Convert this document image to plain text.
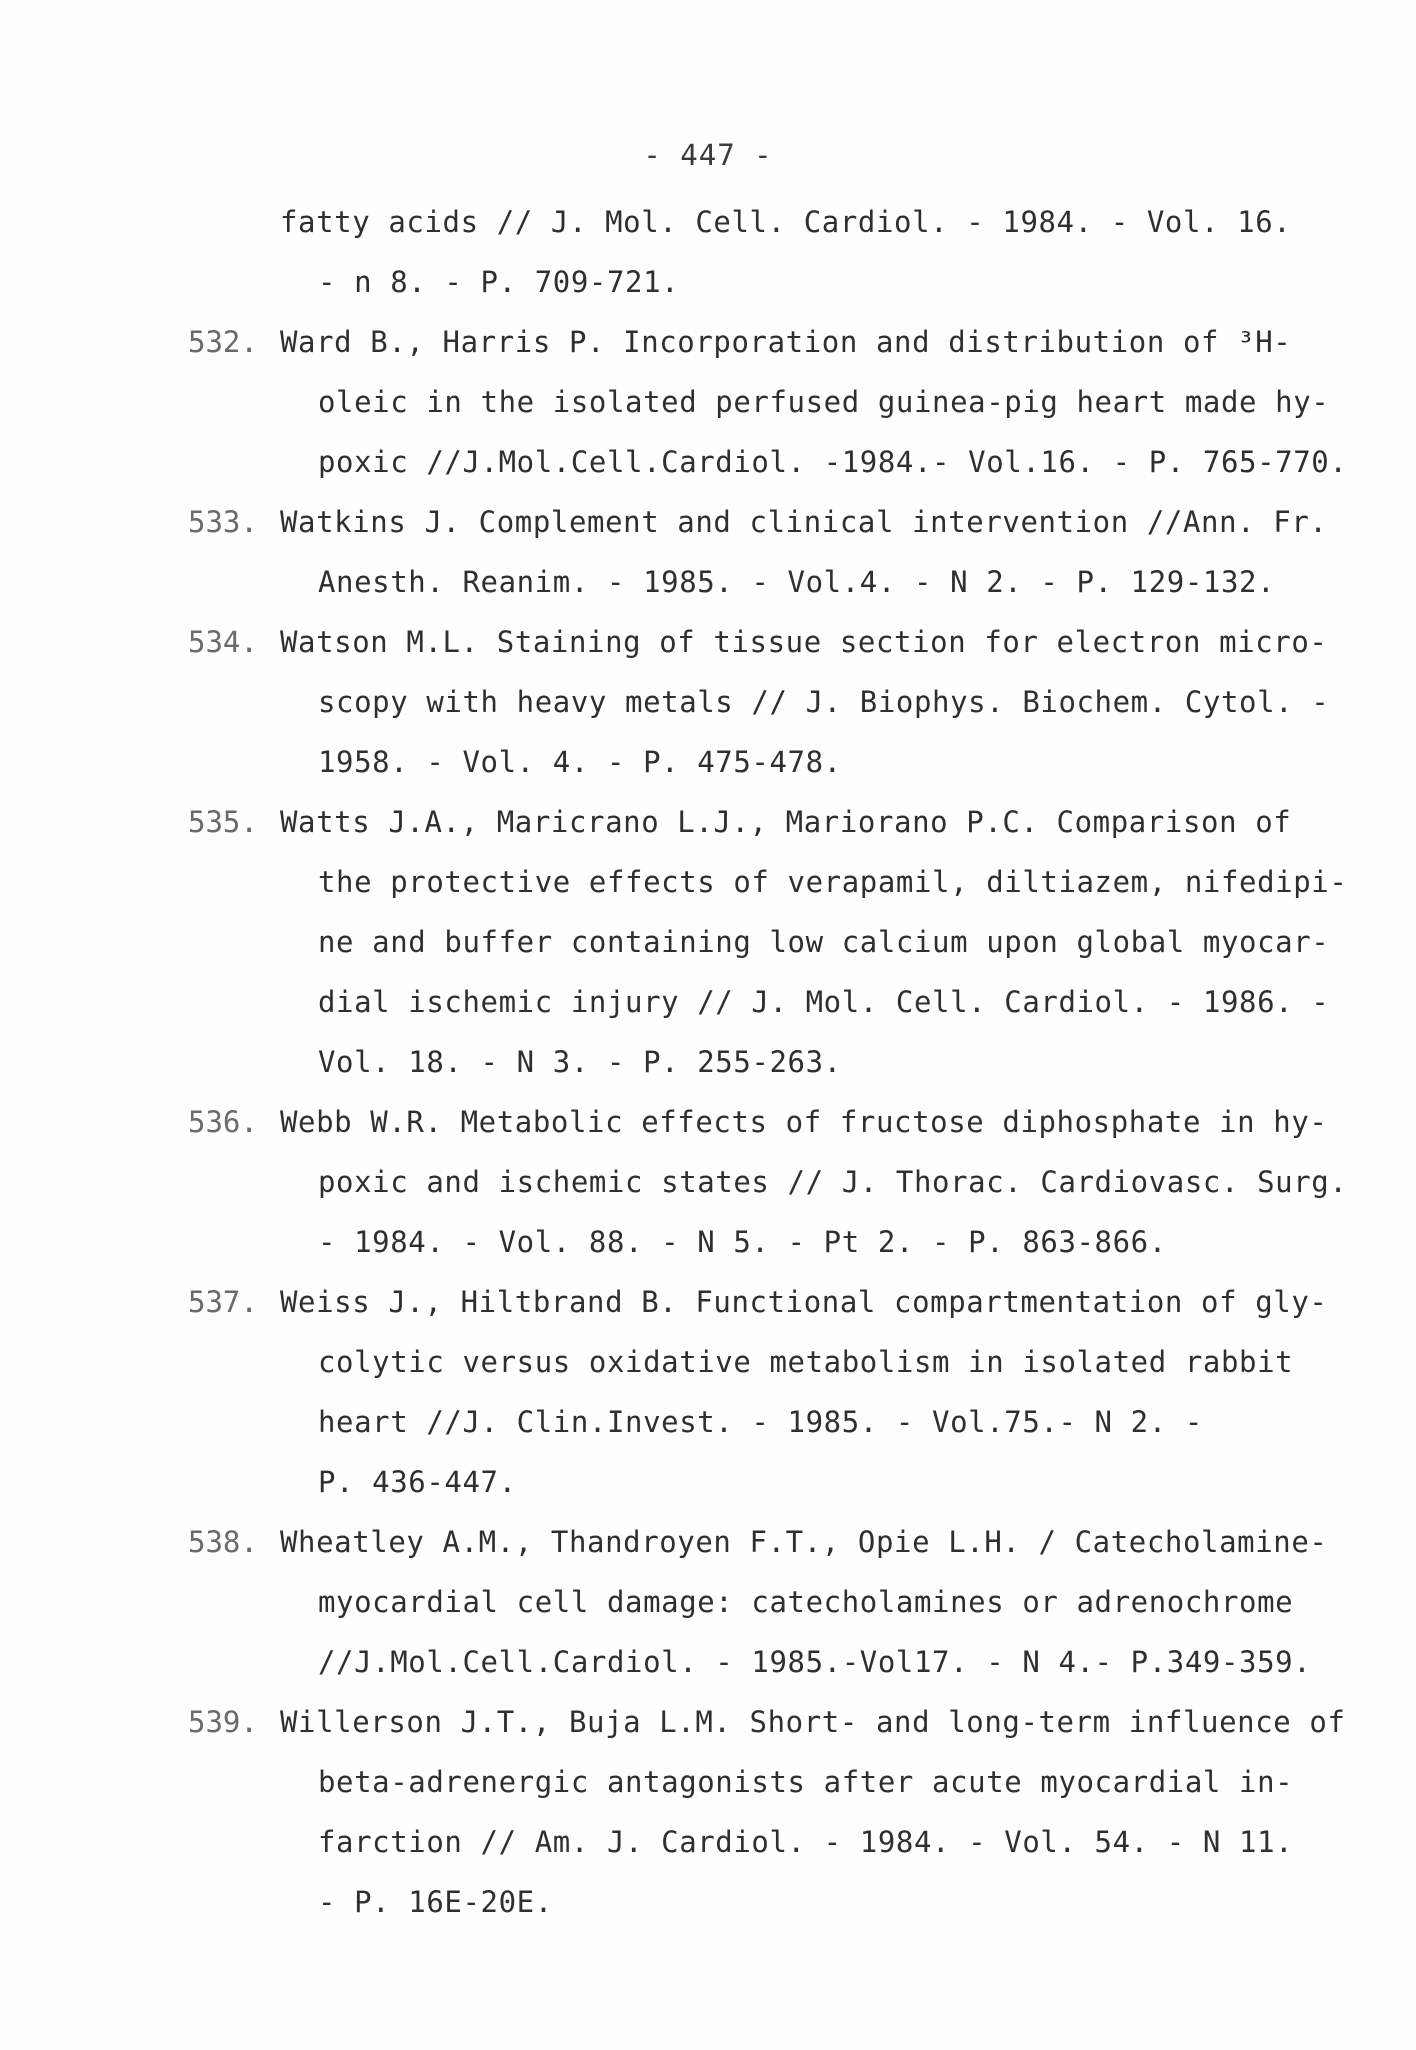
- 447 -
fatty acids // J. Mol. Cell. Cardiol. - 1984. - Vol. 16.
- n 8. - P. 709-721.
532. Ward B., Harris P. Incorporation and distribution of ³H-
oleic in the isolated perfused guinea-pig heart made hy-
poxic //J.Mol.Cell.Cardiol. -1984.- Vol.16. - P. 765-770.
533. Watkins J. Complement and clinical intervention //Ann. Fr.
Anesth. Reanim. - 1985. - Vol.4. - N 2. - P. 129-132.
534. Watson M.L. Staining of tissue section for electron micro-
scopy with heavy metals // J. Biophys. Biochem. Cytol. -
1958. - Vol. 4. - P. 475-478.
535. Watts J.A., Maricrano L.J., Mariorano P.C. Comparison of
the protective effects of verapamil, diltiazem, nifedipi-
ne and buffer containing low calcium upon global myocar-
dial ischemic injury // J. Mol. Cell. Cardiol. - 1986. -
Vol. 18. - N 3. - P. 255-263.
536. Webb W.R. Metabolic effects of fructose diphosphate in hy-
poxic and ischemic states // J. Thorac. Cardiovasc. Surg.
- 1984. - Vol. 88. - N 5. - Pt 2. - P. 863-866.
537. Weiss J., Hiltbrand B. Functional compartmentation of gly-
colytic versus oxidative metabolism in isolated rabbit
heart //J. Clin.Invest. - 1985. - Vol.75.- N 2. -
P. 436-447.
538. Wheatley A.M., Thandroyen F.T., Opie L.H. / Catecholamine-
myocardial cell damage: catecholamines or adrenochrome
//J.Mol.Cell.Cardiol. - 1985.-Vol17. - N 4.- P.349-359.
539. Willerson J.T., Buja L.M. Short- and long-term influence of
beta-adrenergic antagonists after acute myocardial in-
farction // Am. J. Cardiol. - 1984. - Vol. 54. - N 11.
- P. 16E-20E.
